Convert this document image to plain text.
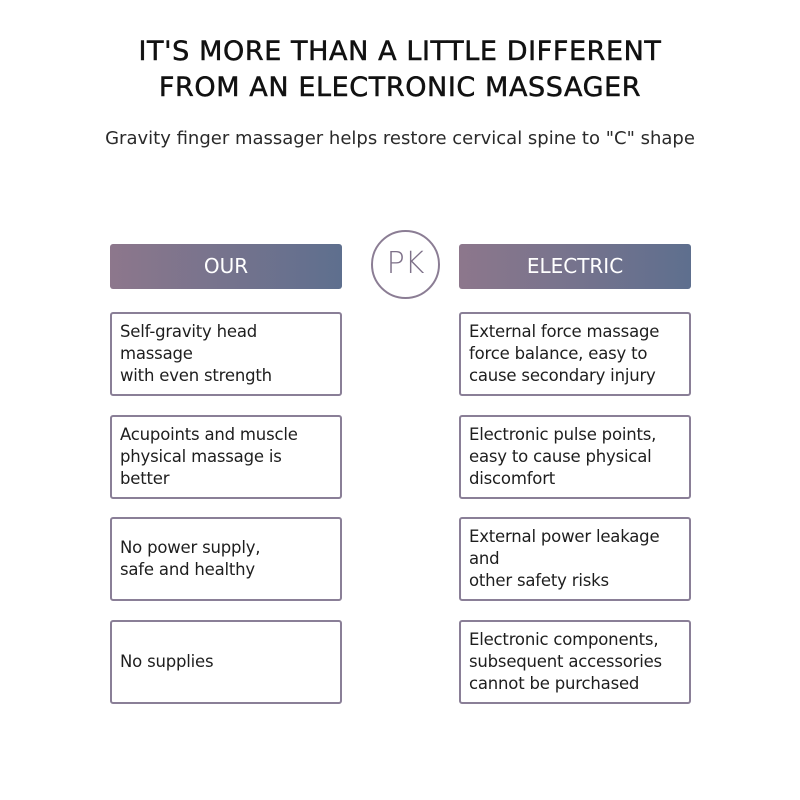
IT'S MORE THAN A LITTLE DIFFERENT
FROM AN ELECTRONIC MASSAGER

Gravity finger massager helps restore cervical spine to "C" shape

OUR	PK	ELECTRIC
Self-gravity head massage
with even strength
Acupoints and muscle
physical massage is better
No power supply,
safe and healthy
No supplies
External force massage
force balance, easy to
cause secondary injury
Electronic pulse points,
easy to cause physical
discomfort
External power leakage and
other safety risks
Electronic components,
subsequent accessories
cannot be purchased
